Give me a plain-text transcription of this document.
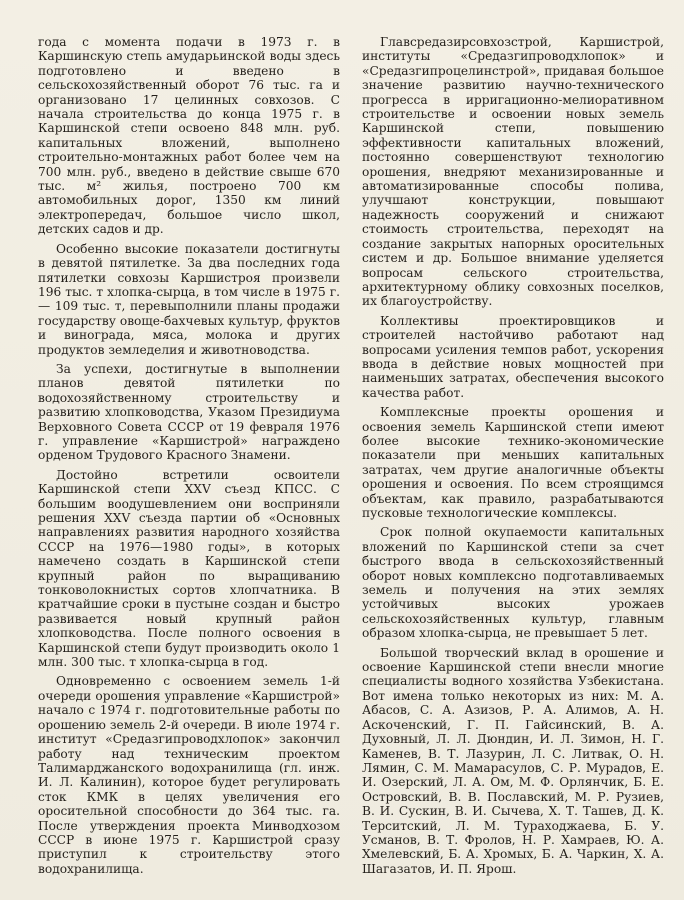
года с момента подачи в 1973 г. в Каршинскую степь амударьинской воды здесь подготовлено и введено в сельскохозяйственный оборот 76 тыс. га и организовано 17 целинных совхозов. С начала строительства до конца 1975 г. в Каршинской степи освоено 848 млн. руб. капитальных вложений, выполнено строительно-монтажных работ более чем на 700 млн. руб., введено в действие свыше 670 тыс. м² жилья, построено 700 км автомобильных дорог, 1350 км линий электропередач, большое число школ, детских садов и др.

Особенно высокие показатели достигнуты в девятой пятилетке. За два последних года пятилетки совхозы Каршистроя произвели 196 тыс. т хлопка-сырца, в том числе в 1975 г.— 109 тыс. т, перевыполнили планы продажи государству овоще-бахчевых культур, фруктов и винограда, мяса, молока и других продуктов земледелия и животноводства.

За успехи, достигнутые в выполнении планов девятой пятилетки по водохозяйственному строительству и развитию хлопководства, Указом Президиума Верховного Совета СССР от 19 февраля 1976 г. управление «Каршистрой» награждено орденом Трудового Красного Знамени.

Достойно встретили освоители Каршинской степи XXV съезд КПСС. С большим воодушевлением они восприняли решения XXV съезда партии об «Основных направлениях развития народного хозяйства СССР на 1976—1980 годы», в которых намечено создать в Каршинской степи крупный район по выращиванию тонковолокнистых сортов хлопчатника. В кратчайшие сроки в пустыне создан и быстро развивается новый крупный район хлопководства. После полного освоения в Каршинской степи будут производить около 1 млн. 300 тыс. т хлопка-сырца в год.

Одновременно с освоением земель 1-й очереди орошения управление «Каршистрой» начало с 1974 г. подготовительные работы по орошению земель 2-й очереди. В июле 1974 г. институт «Средазгипроводхлопок» закончил работу над техническим проектом Талимарджанского водохранилища (гл. инж. И. Л. Калинин), которое будет регулировать сток КМК в целях увеличения его оросительной способности до 364 тыс. га. После утверждения проекта Минводхозом СССР в июне 1975 г. Каршистрой сразу приступил к строительству этого водохранилища.

Главсредазирсовхозстрой, Каршистрой, институты «Средазгипроводхлопок» и «Средазгипроцелинстрой», придавая большое значение развитию научно-технического прогресса в ирригационно-мелиоративном строительстве и освоении новых земель Каршинской степи, повышению эффективности капитальных вложений, постоянно совершенствуют технологию орошения, внедряют механизированные и автоматизированные способы полива, улучшают конструкции, повышают надежность сооружений и снижают стоимость строительства, переходят на создание закрытых напорных оросительных систем и др. Большое внимание уделяется вопросам сельского строительства, архитектурному облику совхозных поселков, их благоустройству.

Коллективы проектировщиков и строителей настойчиво работают над вопросами усиления темпов работ, ускорения ввода в действие новых мощностей при наименьших затратах, обеспечения высокого качества работ.

Комплексные проекты орошения и освоения земель Каршинской степи имеют более высокие технико-экономические показатели при меньших капитальных затратах, чем другие аналогичные объекты орошения и освоения. По всем строящимся объектам, как правило, разрабатываются пусковые технологические комплексы.

Срок полной окупаемости капитальных вложений по Каршинской степи за счет быстрого ввода в сельскохозяйственный оборот новых комплексно подготавливаемых земель и получения на этих землях устойчивых высоких урожаев сельскохозяйственных культур, главным образом хлопка-сырца, не превышает 5 лет.

Большой творческий вклад в орошение и освоение Каршинской степи внесли многие специалисты водного хозяйства Узбекистана. Вот имена только некоторых из них: М. А. Абасов, С. А. Азизов, Р. А. Алимов, А. Н. Аскоченский, Г. П. Гайсинский, В. А. Духовный, Л. Л. Дюндин, И. Л. Зимон, Н. Г. Каменев, В. Т. Лазурин, Л. С. Литвак, О. Н. Лямин, С. М. Мамарасулов, С. Р. Мурадов, Е. И. Озерский, Л. А. Ом, М. Ф. Орлянчик, Б. Е. Островский, В. В. Пославский, М. Р. Рузиев, В. И. Сускин, В. И. Сычева, Х. Т. Ташев, Д. К. Терситский, Л. М. Тураходжаева, Б. У. Усманов, В. Т. Фролов, Н. Р. Хамраев, Ю. А. Хмелевский, Б. А. Хромых, Б. А. Чаркин, Х. А. Шагазатов, И. П. Ярош.
